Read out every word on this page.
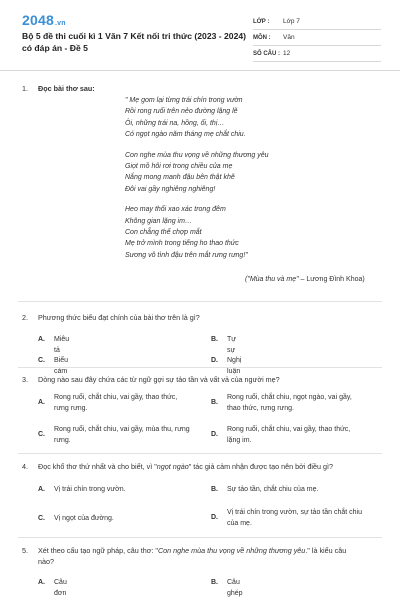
2048.vn
Bộ 5 đề thi cuối kì 1 Văn 7 Kết nối tri thức (2023 - 2024) có đáp án - Đề 5
LỚP :	Lớp 7
MÔN :	Văn
SỐ CÂU : 12
1. Đọc bài thơ sau:
" Mẹ gom lại từng trái chín trong vườn
Rồi rong ruổi trên nẻo đường lặng lẽ
Ôi, những trái na, hồng, ổi, thị…
Có ngọt ngào năm tháng mẹ chắt chiu.
Con nghe mùa thu vọng về những thương yêu
Giọt mồ hôi rơi trong chiều của mẹ
Nắng mong manh đậu bên thật khẽ
Đôi vai gầy nghiêng nghiêng!
Heo may thổi xao xác trong đêm
Không gian lặng im…
Con chẳng thể chợp mắt
Mẹ trở mình trong tiếng ho thao thức
Sương vô tình đậu trên mắt rưng rưng!"
("Mùa thu và mẹ" – Lương Đình Khoa)
2. Phương thức biểu đạt chính của bài thơ trên là gì?
A. Miêu tả
B. Tự sự
C. Biểu cảm
D. Nghị luận
3. Dòng nào sau đây chứa các từ ngữ gợi sự tảo tần và vất vả của người mẹ?
A.
Rong ruổi, chắt chiu, vai gầy, thao thức,
rưng rưng.
B.
Rong ruổi, chắt chiu, ngọt ngào, vai gầy,
thao thức, rưng rưng.
C.
Rong ruổi, chắt chiu, vai gầy, mùa thu, rưng
rưng.
D.
Rong ruổi, chắt chiu, vai gầy, thao thức,
lặng im.
4. Đọc khổ thơ thứ nhất và cho biết, vì "ngọt ngào" tác giả cảm nhận được tạo nên bởi điều gì?
A. Vị trái chín trong vườn.	B. Sự tảo tần, chắt chiu của mẹ.
C. Vị ngọt của đường.	D.
Vị trái chín trong vườn, sự tảo tần chắt chiu
của mẹ.
5. Xét theo cấu tạo ngữ pháp, câu thơ: "Con nghe mùa thu vọng về những thương yêu." là kiểu câu
nào?
A. Câu đơn
B. Câu ghép
